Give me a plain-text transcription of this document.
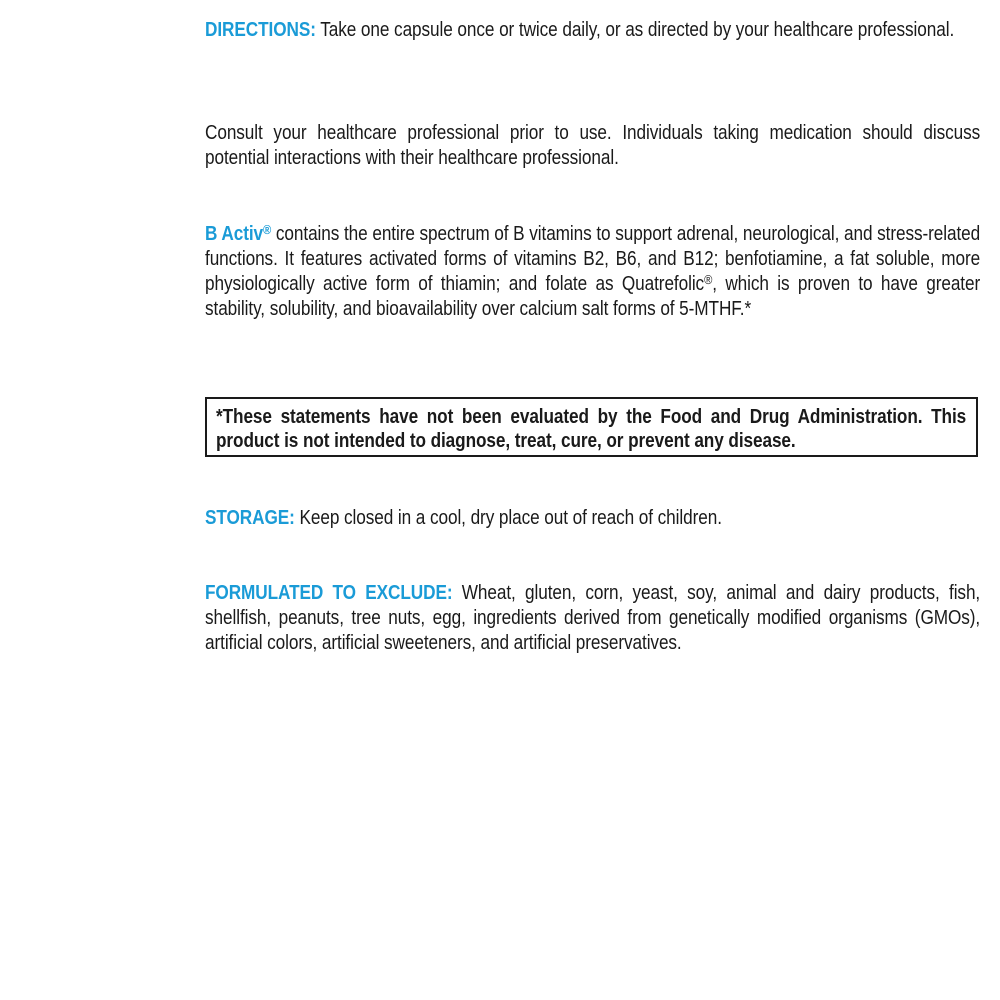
DIRECTIONS: Take one capsule once or twice daily, or as directed by your healthcare professional.

Consult your healthcare professional prior to use. Individuals taking medication should discuss potential interactions with their healthcare professional.

B Activ® contains the entire spectrum of B vitamins to support adrenal, neurological, and stress-related functions. It features activated forms of vitamins B2, B6, and B12; benfotiamine, a fat soluble, more physiologically active form of thiamin; and folate as Quatrefolic®, which is proven to have greater stability, solubility, and bioavailability over calcium salt forms of 5-MTHF.*

*These statements have not been evaluated by the Food and Drug Administration. This product is not intended to diagnose, treat, cure, or prevent any disease.

STORAGE: Keep closed in a cool, dry place out of reach of children.

FORMULATED TO EXCLUDE: Wheat, gluten, corn, yeast, soy, animal and dairy products, fish, shellfish, peanuts, tree nuts, egg, ingredients derived from genetically modified organisms (GMOs), artificial colors, artificial sweeteners, and artificial preservatives.
